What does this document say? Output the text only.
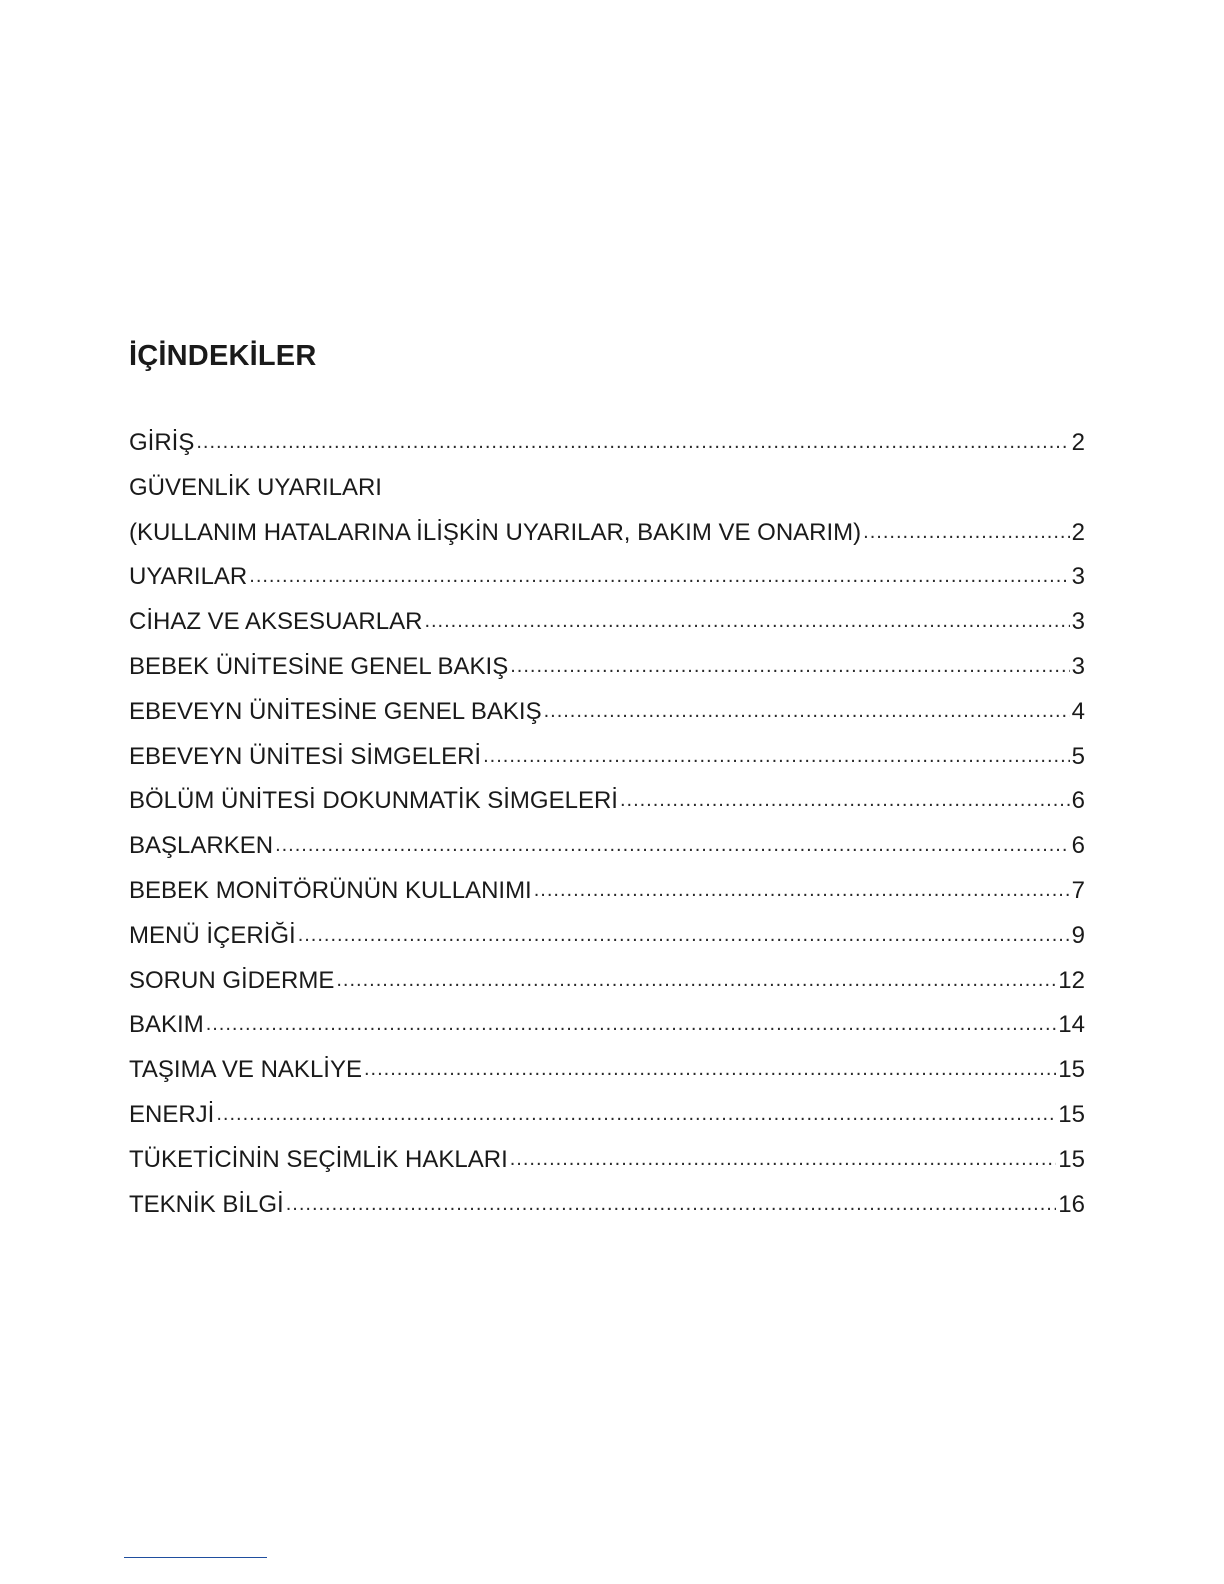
İÇİNDEKİLER
GİRİŞ .....	2
GÜVENLİK UYARILARI
(KULLANIM HATALARINA İLİŞKİN UYARILAR, BAKIM VE ONARIM) .....	2
UYARILAR .....	3
CİHAZ VE AKSESUARLAR .....	3
BEBEK ÜNİTESİNE GENEL BAKIŞ .....	3
EBEVEYN ÜNİTESİNE GENEL BAKIŞ .....	4
EBEVEYN ÜNİTESİ SİMGELERİ .....	5
BÖLÜM ÜNİTESİ DOKUNMATİK SİMGELERİ .....	6
BAŞLARKEN .....	6
BEBEK MONİTÖRÜNÜN KULLANIMI .....	7
MENÜ İÇERİĞİ .....	9
SORUN GİDERME .....	12
BAKIM .....	14
TAŞIMA VE NAKLİYE .....	15
ENERJİ .....	15
TÜKETİCİNİN SEÇİMLİK HAKLARI .....	15
TEKNİK BİLGİ .....	16
